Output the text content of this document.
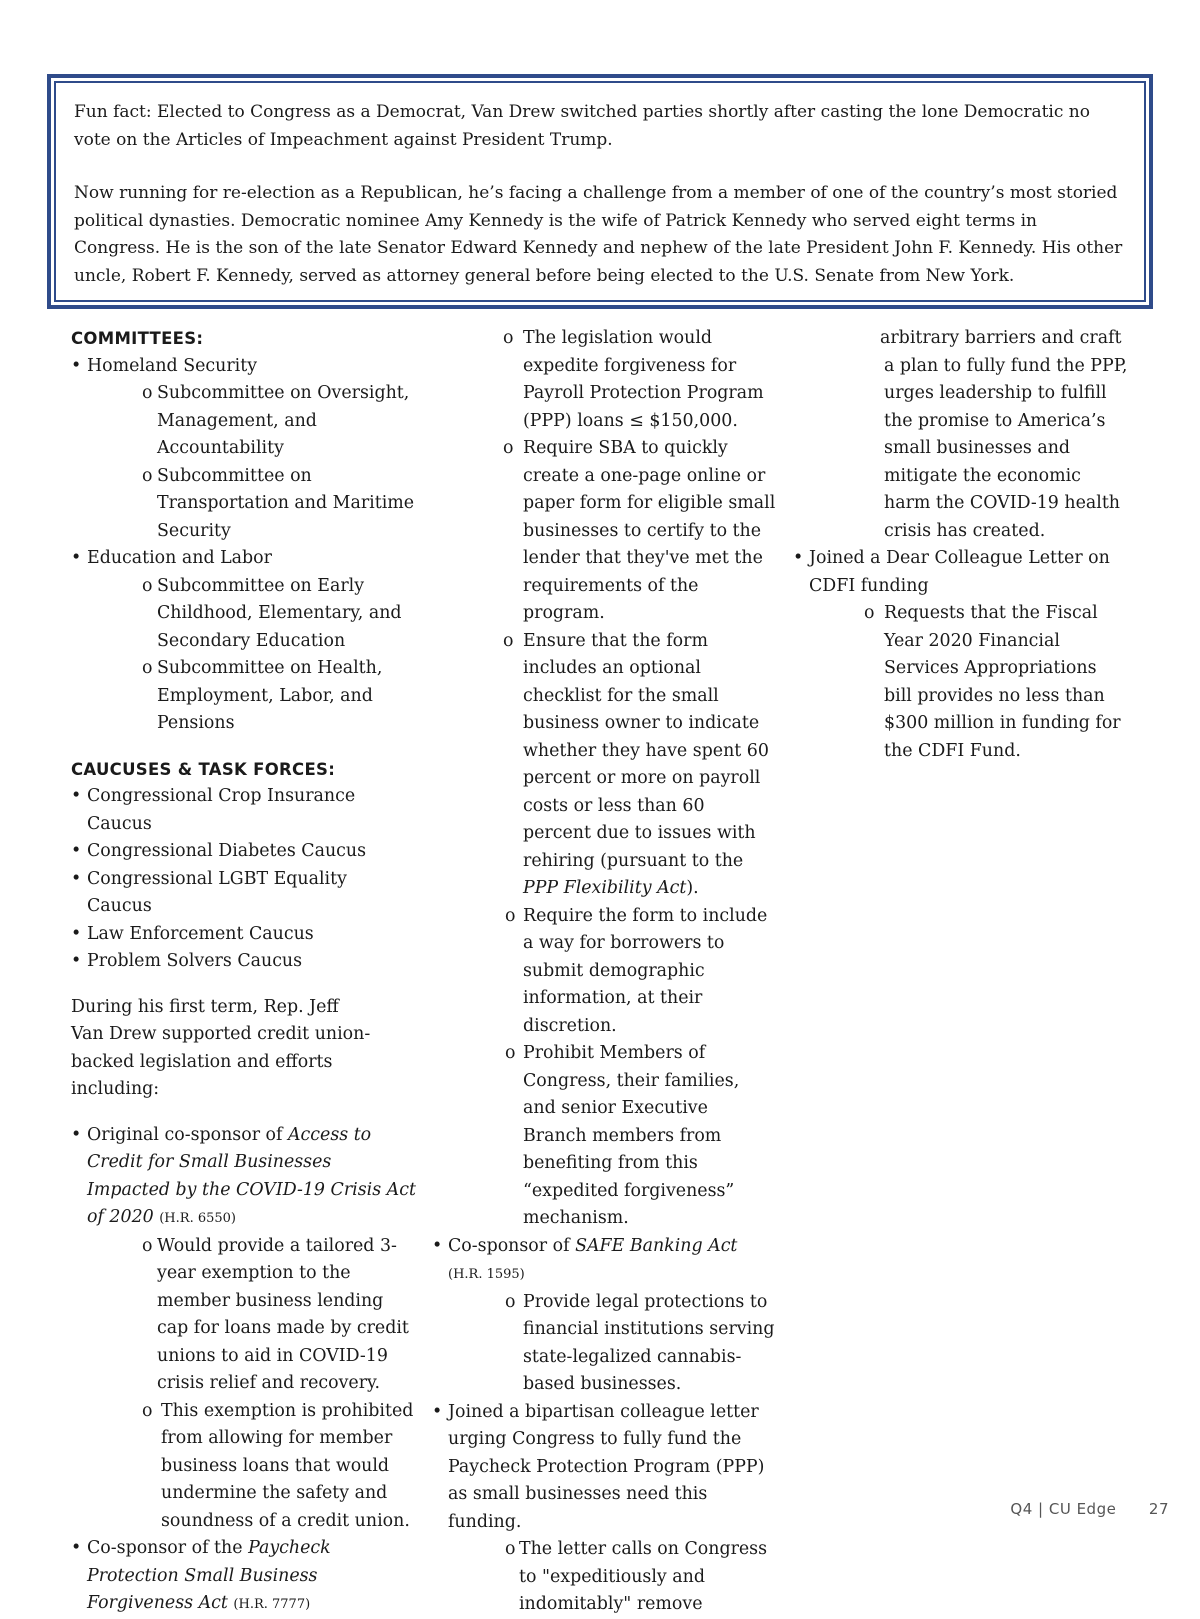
Fun fact: Elected to Congress as a Democrat, Van Drew switched parties shortly after casting the lone Democratic no vote on the Articles of Impeachment against President Trump.

Now running for re-election as a Republican, he’s facing a challenge from a member of one of the country’s most storied political dynasties. Democratic nominee Amy Kennedy is the wife of Patrick Kennedy who served eight terms in Congress. He is the son of the late Senator Edward Kennedy and nephew of the late President John F. Kennedy. His other uncle, Robert F. Kennedy, served as attorney general before being elected to the U.S. Senate from New York.

COMMITTEES:

• Homeland Security

o Subcommittee on Oversight, Management, and Accountability

o Subcommittee on Transportation and Maritime Security

• Education and Labor

o Subcommittee on Early Childhood, Elementary, and Secondary Education

o Subcommittee on Health, Employment, Labor, and Pensions

CAUCUSES & TASK FORCES:

• Congressional Crop Insurance Caucus

• Congressional Diabetes Caucus

• Congressional LGBT Equality Caucus

• Law Enforcement Caucus

• Problem Solvers Caucus

During his first term, Rep. Jeff Van Drew supported credit union-backed legislation and efforts including:

• Original co-sponsor of Access to Credit for Small Businesses Impacted by the COVID-19 Crisis Act of 2020 (H.R. 6550)

o Would provide a tailored 3-year exemption to the member business lending cap for loans made by credit unions to aid in COVID-19 crisis relief and recovery.

o This exemption is prohibited from allowing for member business loans that would undermine the safety and soundness of a credit union.

• Co-sponsor of the Paycheck Protection Small Business Forgiveness Act (H.R. 7777)

o The legislation would expedite forgiveness for Payroll Protection Program (PPP) loans ≤ $150,000.

o Require SBA to quickly create a one-page online or paper form for eligible small businesses to certify to the lender that they've met the requirements of the program.

o Ensure that the form includes an optional checklist for the small business owner to indicate whether they have spent 60 percent or more on payroll costs or less than 60 percent due to issues with rehiring (pursuant to the PPP Flexibility Act).

o Require the form to include a way for borrowers to submit demographic information, at their discretion.

o Prohibit Members of Congress, their families, and senior Executive Branch members from benefiting from this “expedited forgiveness” mechanism.

• Co-sponsor of SAFE Banking Act (H.R. 1595)

o Provide legal protections to financial institutions serving state-legalized cannabis-based businesses.

• Joined a bipartisan colleague letter urging Congress to fully fund the Paycheck Protection Program (PPP) as small businesses need this funding.

o The letter calls on Congress to "expeditiously and indomitably" remove

arbitrary barriers and craft a plan to fully fund the PPP, urges leadership to fulfill the promise to America’s small businesses and mitigate the economic harm the COVID-19 health crisis has created.

• Joined a Dear Colleague Letter on CDFI funding

o Requests that the Fiscal Year 2020 Financial Services Appropriations bill provides no less than $300 million in funding for the CDFI Fund.

Q4 | CU Edge 27
